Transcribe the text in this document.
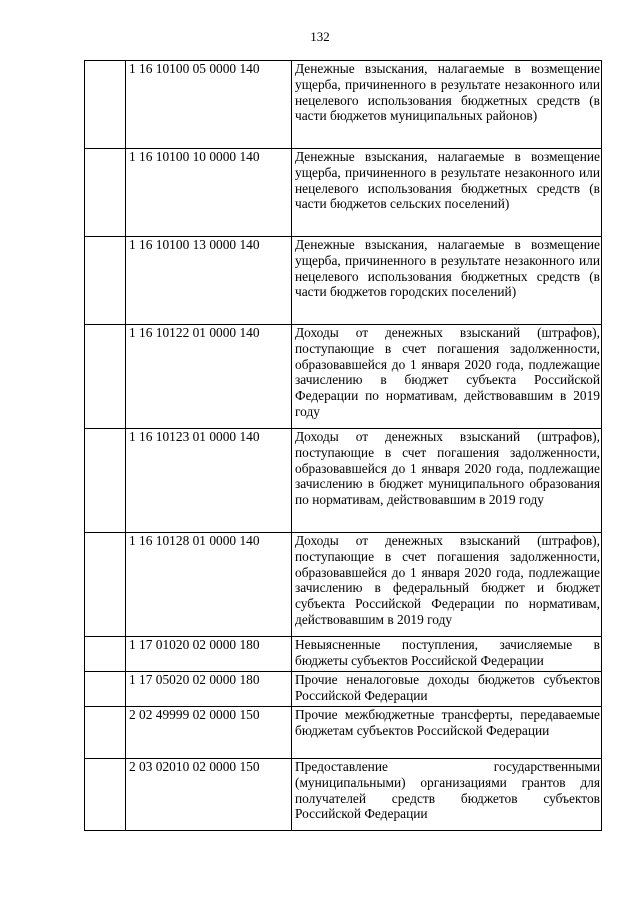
132
	1 16 10100 05 0000 140	Денежные взыскания, налагаемые в возмещение ущерба, причиненного в результате незаконного или нецелевого использования бюджетных средств (в части бюджетов муниципальных районов)
	1 16 10100 10 0000 140	Денежные взыскания, налагаемые в возмещение ущерба, причиненного в результате незаконного или нецелевого использования бюджетных средств (в части бюджетов сельских поселений)
	1 16 10100 13 0000 140	Денежные взыскания, налагаемые в возмещение ущерба, причиненного в результате незаконного или нецелевого использования бюджетных средств (в части бюджетов городских поселений)
	1 16 10122 01 0000 140	Доходы от денежных взысканий (штрафов), поступающие в счет погашения задолженности, образовавшейся до 1 января 2020 года, подлежащие зачислению в бюджет субъекта Российской Федерации по нормативам, действовавшим в 2019 году
	1 16 10123 01 0000 140	Доходы от денежных взысканий (штрафов), поступающие в счет погашения задолженности, образовавшейся до 1 января 2020 года, подлежащие зачислению в бюджет муниципального образования по нормативам, действовавшим в 2019 году
	1 16 10128 01 0000 140	Доходы от денежных взысканий (штрафов), поступающие в счет погашения задолженности, образовавшейся до 1 января 2020 года, подлежащие зачислению в федеральный бюджет и бюджет субъекта Российской Федерации по нормативам, действовавшим в 2019 году
	1 17 01020 02 0000 180	Невыясненные поступления, зачисляемые в бюджеты субъектов Российской Федерации
	1 17 05020 02 0000 180	Прочие неналоговые доходы бюджетов субъектов Российской Федерации
	2 02 49999 02 0000 150	Прочие межбюджетные трансферты, передаваемые бюджетам субъектов Российской Федерации
	2 03 02010 02 0000 150	Предоставление государственными (муниципальными) организациями грантов для получателей средств бюджетов субъектов Российской Федерации
